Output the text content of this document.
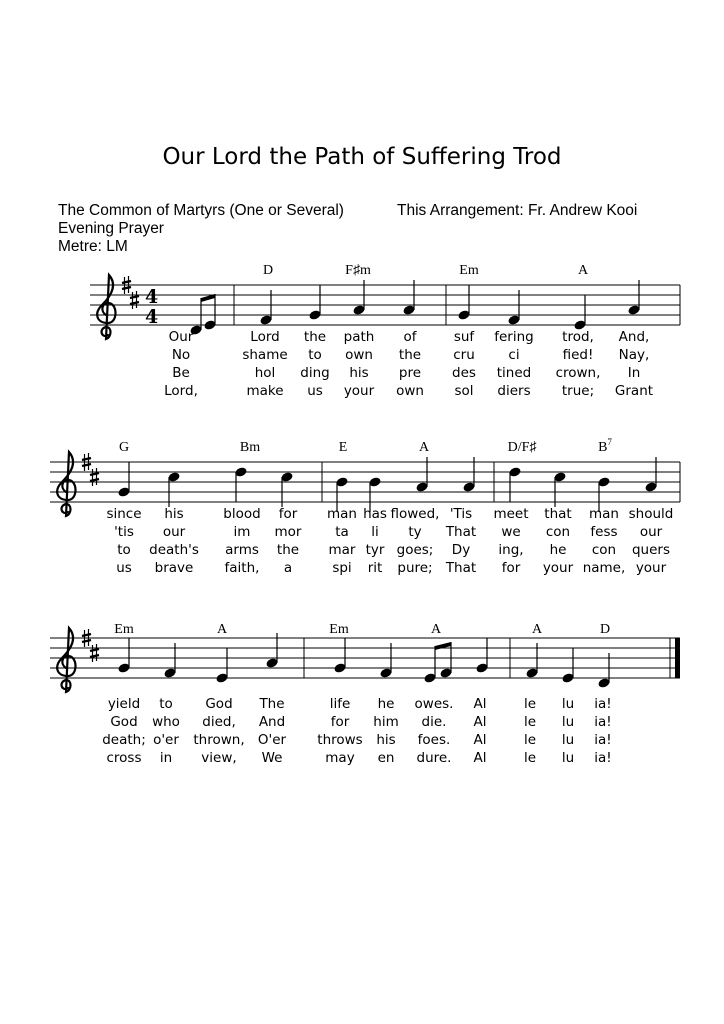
Our Lord the Path of Suffering Trod
The Common of Martyrs (One or Several)
Evening Prayer
Metre: LM
This Arrangement: Fr. Andrew Kooi
4
4
D	F♯m	Em	A
Our	Lord the path of	suf fering trod, And,
No	shame to own the cru ci	fied! Nay,
Be	hol ding his pre des tined crown, In
Lord,	make us your own sol diers true; Grant
G	Bm	E	A	D/F♯	$B^7$
since his	blood for man has flowed, 'Tis meet that man should
'tis our	im mor ta li ty That we con fess our
to death's arms the mar tyr goes; Dy ing, he con quers
us brave faith, a	spi rit pure; That for your name, your
Em	A	Em	A	A	D
yield to God The	life he owes. Al	le lu ia!
God who died, And	for him die. Al	le lu ia!
death; o'er thrown, O'er throws his foes. Al	le lu ia!
cross in view, We	may en dure. Al	le lu ia!
